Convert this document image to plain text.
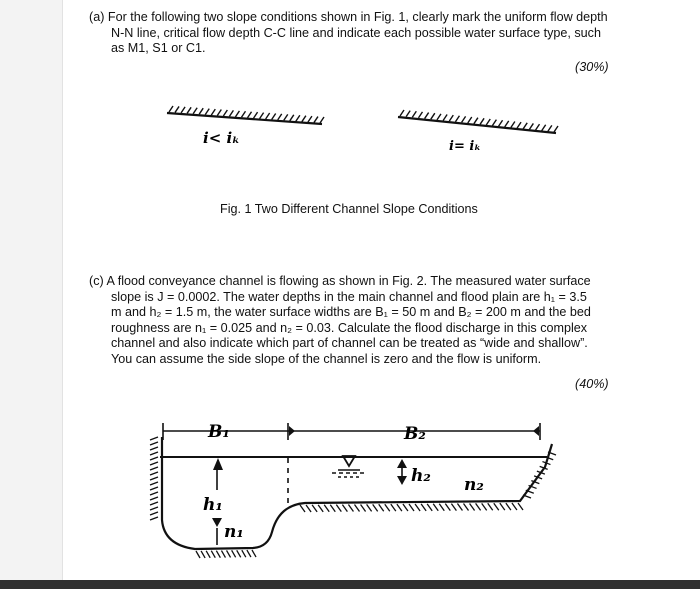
(a) For the following two slope conditions shown in Fig. 1, clearly mark the uniform flow depth

N-N line, critical flow depth C-C line and indicate each possible water surface type, such

as M1, S1 or C1.

(30%)
i< iₖ	i= iₖ
Fig. 1 Two Different Channel Slope Conditions

(c) A flood conveyance channel is flowing as shown in Fig. 2. The measured water surface

slope is J = 0.0002. The water depths in the main channel and flood plain are h₁ = 3.5

m and h₂ = 1.5 m, the water surface widths are B₁ = 50 m and B₂ = 200 m and the bed

roughness are n₁ = 0.025 and n₂ = 0.03. Calculate the flood discharge in this complex

channel and also indicate which part of channel can be treated as “wide and shallow”.

You can assume the side slope of the channel is zero and the flow is uniform.

(40%)
B₁	B₂
h₁
h₂
n₁
n₂
